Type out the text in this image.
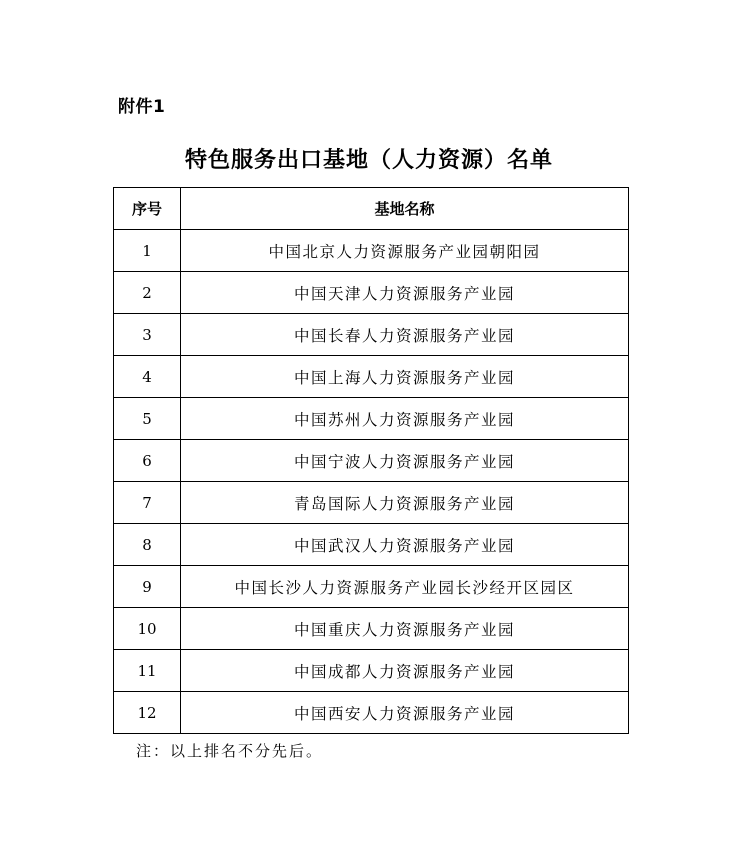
附件1
特色服务出口基地（人力资源）名单
序号	基地名称
1	中国北京人力资源服务产业园朝阳园
2	中国天津人力资源服务产业园
3	中国长春人力资源服务产业园
4	中国上海人力资源服务产业园
5	中国苏州人力资源服务产业园
6	中国宁波人力资源服务产业园
7	青岛国际人力资源服务产业园
8	中国武汉人力资源服务产业园
9	中国长沙人力资源服务产业园长沙经开区园区
10	中国重庆人力资源服务产业园
11	中国成都人力资源服务产业园
12	中国西安人力资源服务产业园
注：以上排名不分先后。
